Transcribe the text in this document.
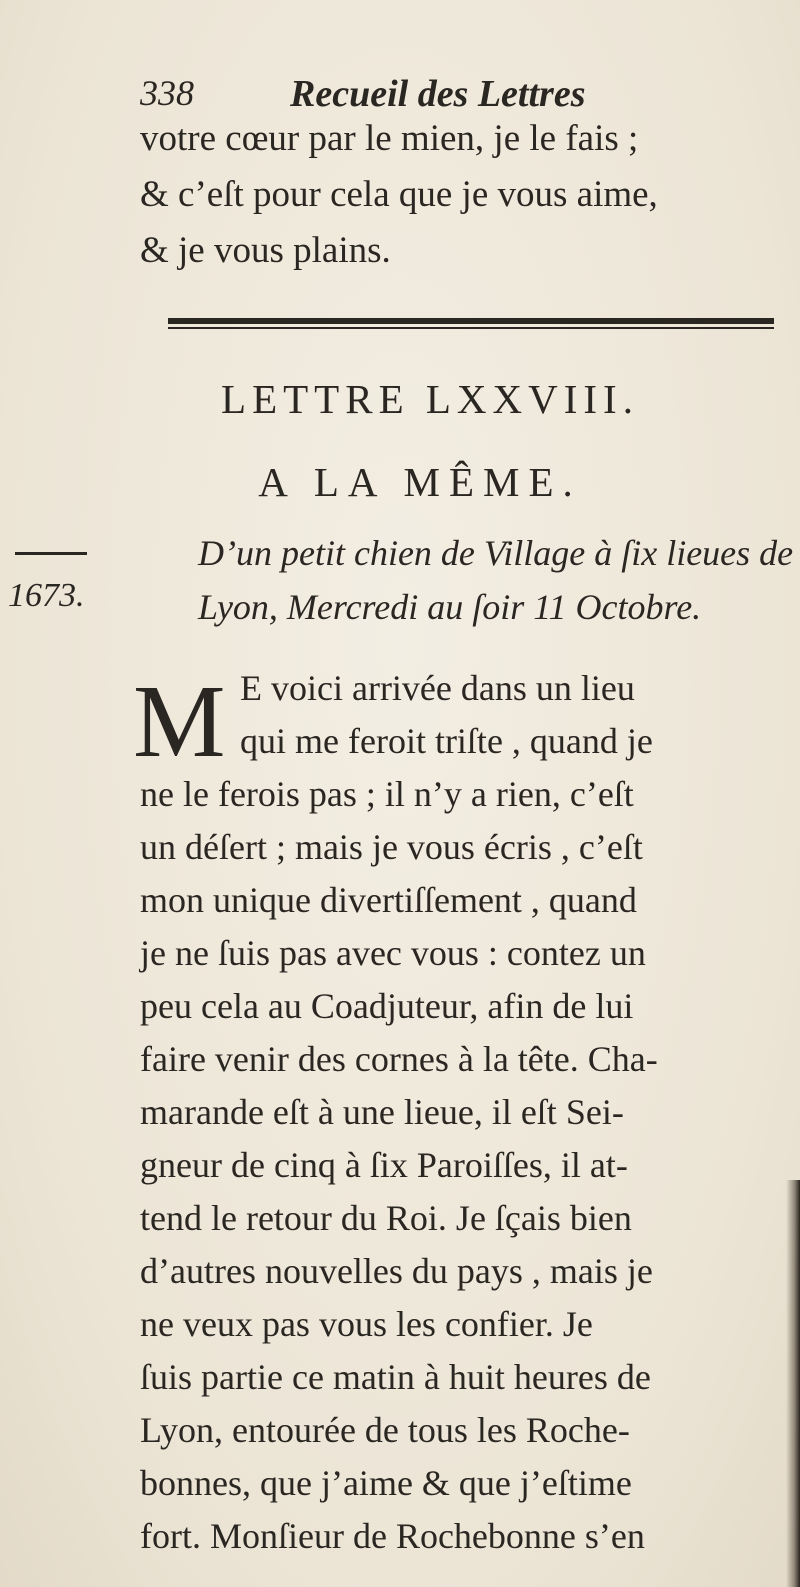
338	Recueil des Lettres
votre cœur par le mien, je le fais ;
& c’eſt pour cela que je vous aime,
& je vous plains.
LETTRE LXXVIII.
A LA MÊME.
1673.
D’un petit chien de Village à ſix lieues de
Lyon, Mercredi au ſoir 11 Octobre.
M E voici arrivée dans un lieu
qui me feroit triſte , quand je
ne le ferois pas ; il n’y a rien, c’eſt
un déſert ; mais je vous écris , c’eſt
mon unique divertiſſement , quand
je ne ſuis pas avec vous : contez un
peu cela au Coadjuteur, afin de lui
faire venir des cornes à la tête. Cha-
marande eſt à une lieue, il eſt Sei-
gneur de cinq à ſix Paroiſſes, il at-
tend le retour du Roi. Je ſçais bien
d’autres nouvelles du pays , mais je
ne veux pas vous les confier. Je
ſuis partie ce matin à huit heures de
Lyon, entourée de tous les Roche-
bonnes, que j’aime & que j’eſtime
fort. Monſieur de Rochebonne s’en
